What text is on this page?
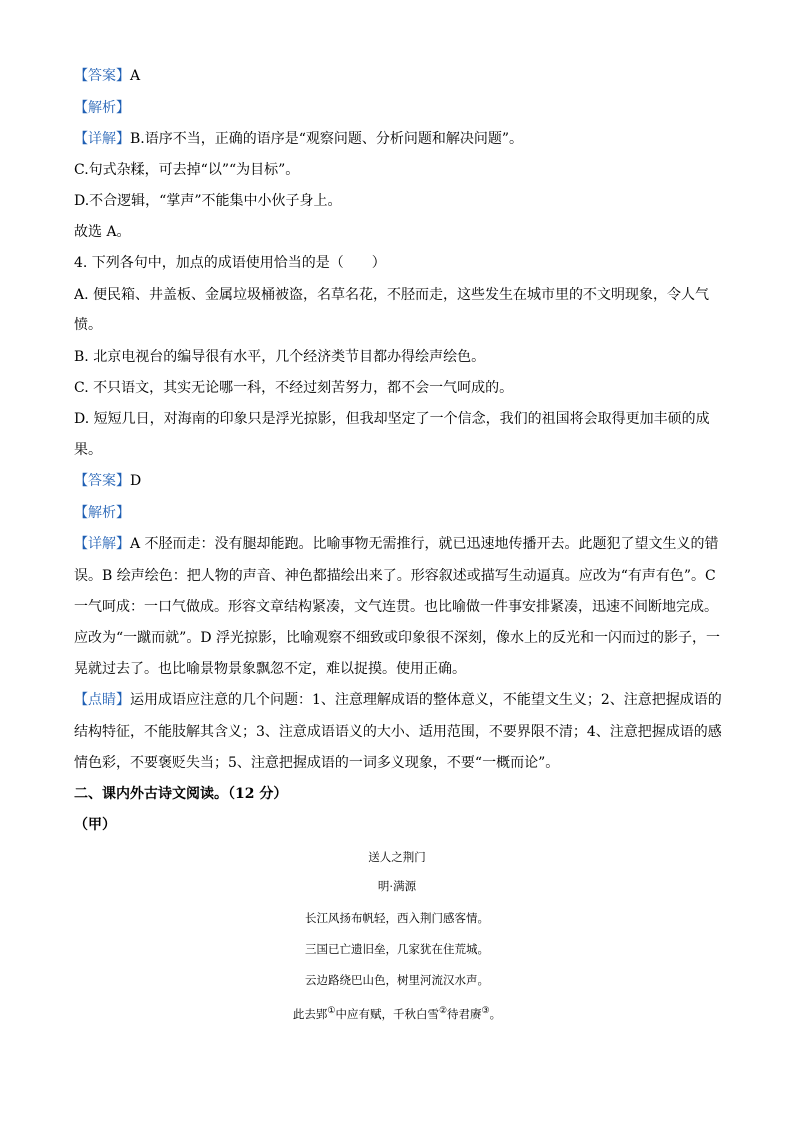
【答案】A
【解析】
【详解】B.语序不当，正确的语序是“观察问题、分析问题和解决问题”。
C.句式杂糅，可去掉“以”“为目标”。
D.不合逻辑，“掌声”不能集中小伙子身上。
故选 A。
4. 下列各句中，加点的成语使用恰当的是（　　）
A. 便民箱、井盖板、金属垃圾桶被盗，名草名花，不胫而走，这些发生在城市里的不文明现象，令人气
愤。
B. 北京电视台的编导很有水平，几个经济类节目都办得绘声绘色。
C. 不只语文，其实无论哪一科，不经过刻苦努力，都不会一气呵成的。
D. 短短几日，对海南的印象只是浮光掠影，但我却坚定了一个信念，我们的祖国将会取得更加丰硕的成
果。
【答案】D
【解析】
【详解】A 不胫而走：没有腿却能跑。比喻事物无需推行，就已迅速地传播开去。此题犯了望文生义的错
误。B 绘声绘色：把人物的声音、神色都描绘出来了。形容叙述或描写生动逼真。应改为“有声有色”。C
一气呵成：一口气做成。形容文章结构紧凑，文气连贯。也比喻做一件事安排紧凑，迅速不间断地完成。
应改为“一蹴而就”。D 浮光掠影，比喻观察不细致或印象很不深刻，像水上的反光和一闪而过的影子，一
晃就过去了。也比喻景物景象飘忽不定，难以捉摸。使用正确。
【点睛】运用成语应注意的几个问题：1、注意理解成语的整体意义，不能望文生义；2、注意把握成语的
结构特征，不能肢解其含义；3、注意成语语义的大小、适用范围，不要界限不清；4、注意把握成语的感
情色彩，不要褒贬失当；5、注意把握成语的一词多义现象，不要“一概而论”。
二、课内外古诗文阅读。（12 分）
（甲）
送人之荆门
明·满源
长江风扬布帆轻，西入荆门感客情。
三国已亡遗旧垒，几家犹在住荒城。
云边路绕巴山色，树里河流汉水声。
此去郢①中应有赋，千秋白雪②待君赓③。
